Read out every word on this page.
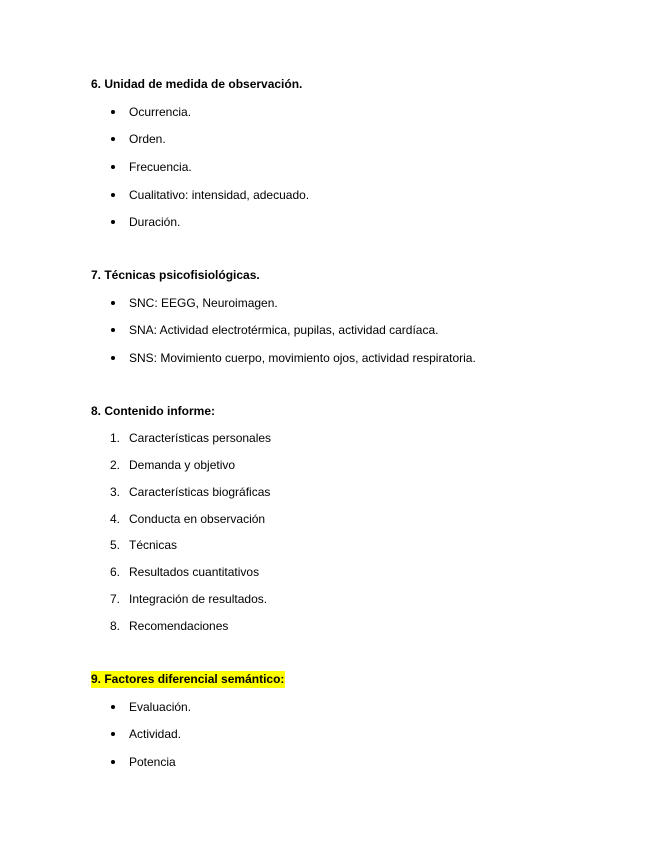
6. Unidad de medida de observación.
Ocurrencia.
Orden.
Frecuencia.
Cualitativo: intensidad, adecuado.
Duración.
7. Técnicas psicofisiológicas.
SNC: EEGG, Neuroimagen.
SNA: Actividad electrotérmica, pupilas, actividad cardíaca.
SNS: Movimiento cuerpo, movimiento ojos, actividad respiratoria.
8. Contenido informe:
1. Características personales
2. Demanda y objetivo
3. Características biográficas
4. Conducta en observación
5. Técnicas
6. Resultados cuantitativos
7. Integración de resultados.
8. Recomendaciones
9. Factores diferencial semántico:
Evaluación.
Actividad.
Potencia
